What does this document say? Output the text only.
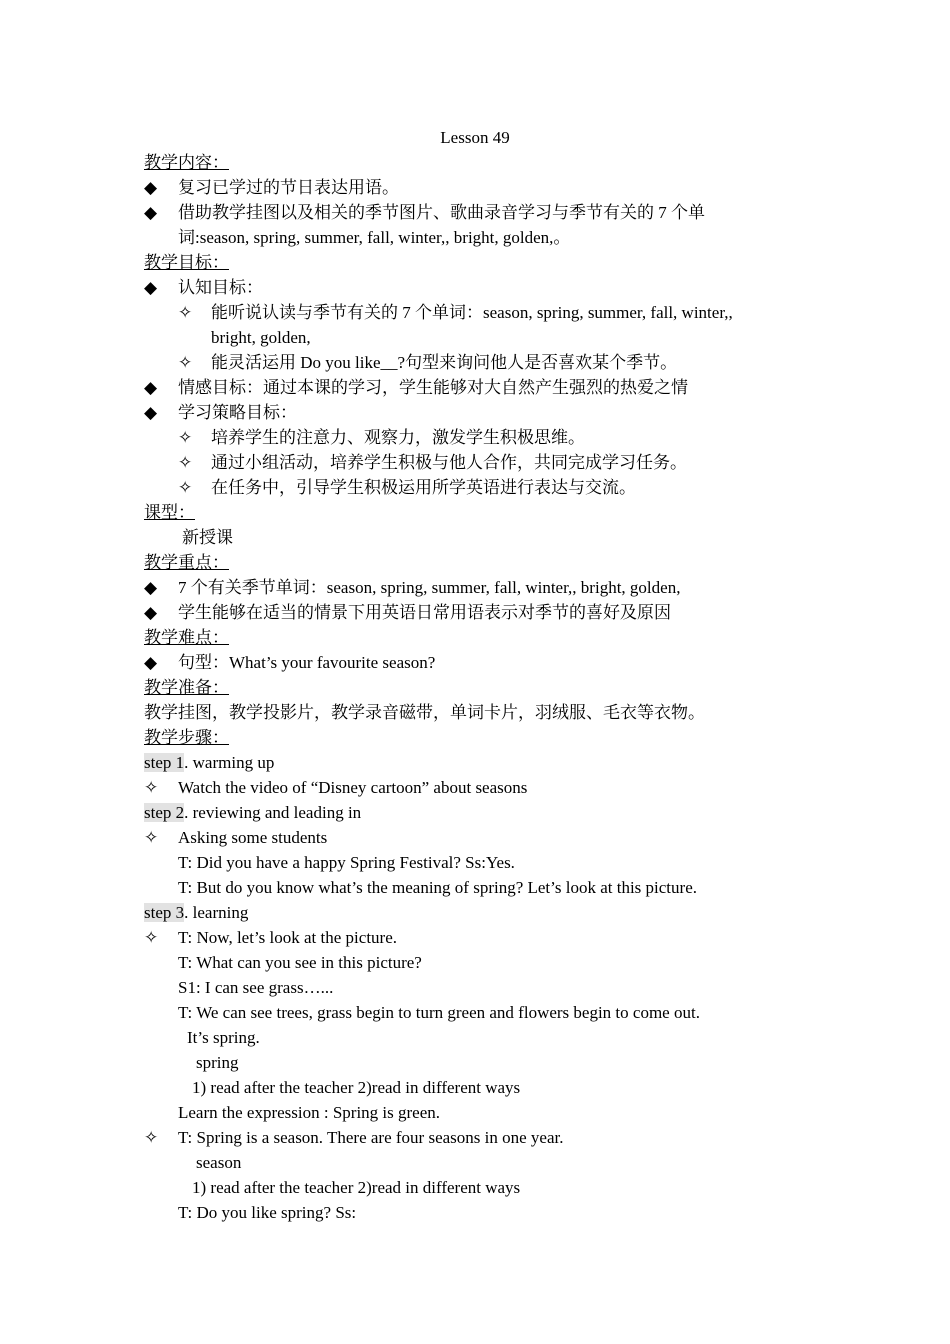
Lesson 49
教学内容：
◆	复习已学过的节日表达用语。
◆	借助教学挂图以及相关的季节图片、歌曲录音学习与季节有关的 7 个单
词:season, spring, summer, fall, winter,, bright, golden,。
教学目标：
◆	认知目标：
✧	能听说认读与季节有关的 7 个单词：season, spring, summer, fall, winter,,
bright, golden,
✧	能灵活运用 Do you like__?句型来询问他人是否喜欢某个季节。
◆	情感目标：通过本课的学习，学生能够对大自然产生强烈的热爱之情
◆	学习策略目标：
✧	培养学生的注意力、观察力，激发学生积极思维。
✧	通过小组活动，培养学生积极与他人合作，共同完成学习任务。
✧	在任务中，引导学生积极运用所学英语进行表达与交流。
课型：
新授课
教学重点：
◆	7 个有关季节单词：season, spring, summer, fall, winter,, bright, golden,
◆	学生能够在适当的情景下用英语日常用语表示对季节的喜好及原因
教学难点：
◆	句型：What’s your favourite season?
教学准备：
教学挂图，教学投影片，教学录音磁带，单词卡片，羽绒服、毛衣等衣物。
教学步骤：
step 1. warming up
✧	Watch the video of “Disney cartoon” about seasons
step 2. reviewing and leading in
✧	Asking some students
T: Did you have a happy Spring Festival? Ss:Yes.
T: But do you know what’s the meaning of spring? Let’s look at this picture.
step 3. learning
✧	T: Now, let’s look at the picture.
T: What can you see in this picture?
S1: I can see grass…...
T: We can see trees, grass begin to turn green and flowers begin to come out.
It’s spring.
spring
1) read after the teacher 2)read in different ways
Learn the expression : Spring is green.
✧	T: Spring is a season. There are four seasons in one year.
season
1) read after the teacher 2)read in different ways
T: Do you like spring? Ss:
